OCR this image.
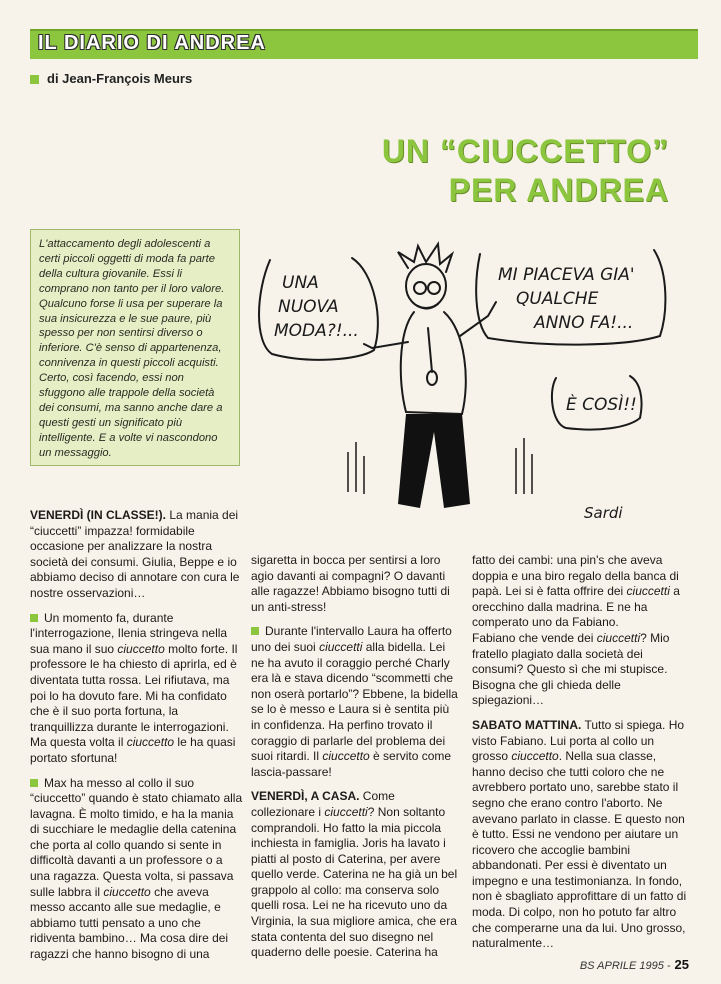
IL DIARIO DI ANDREA
di Jean-François Meurs
UN “CIUCCETTO”
PER ANDREA
L'attaccamento degli adolescenti a certi piccoli oggetti di moda fa parte della cultura giovanile. Essi li comprano non tanto per il loro valore. Qualcuno forse li usa per superare la sua insicurezza e le sue paure, più spesso per non sentirsi diverso o inferiore. C'è senso di appartenenza, connivenza in questi piccoli acquisti. Certo, così facendo, essi non sfuggono alle trappole della società dei consumi, ma sanno anche dare a questi gesti un significato più intelligente. E a volte vi nascondono un messaggio.
UNA
NUOVA
MODA?!...
MI PIACEVA GIA'
QUALCHE
ANNO FA!...
È COSÌ!!
Sardi

VENERDÌ (IN CLASSE!). La mania dei “ciuccetti” impazza! formidabile occasione per analizzare la nostra società dei consumi. Giulia, Beppe e io abbiamo deciso di annotare con cura le nostre osservazioni…

Un momento fa, durante l'interrogazione, Ilenia stringeva nella sua mano il suo ciuccetto molto forte. Il professore le ha chiesto di aprirla, ed è diventata tutta rossa. Lei rifiutava, ma poi lo ha dovuto fare. Mi ha confidato che è il suo porta fortuna, la tranquillizza durante le interrogazioni. Ma questa volta il ciuccetto le ha quasi portato sfortuna!

Max ha messo al collo il suo “ciuccetto” quando è stato chiamato alla lavagna. È molto timido, e ha la mania di succhiare le medaglie della catenina che porta al collo quando si sente in difficoltà davanti a un professore o a una ragazza. Questa volta, si passava sulle labbra il ciuccetto che aveva messo accanto alle sue medaglie, e abbiamo tutti pensato a uno che ridiventa bambino… Ma cosa dire dei ragazzi che hanno bisogno di una

sigaretta in bocca per sentirsi a loro agio davanti ai compagni? O davanti alle ragazze! Abbiamo bisogno tutti di un anti-stress!

Durante l'intervallo Laura ha offerto uno dei suoi ciuccetti alla bidella. Lei ne ha avuto il coraggio perché Charly era là e stava dicendo “scommetti che non oserà portarlo”? Ebbene, la bidella se lo è messo e Laura si è sentita più in confidenza. Ha perfino trovato il coraggio di parlarle del problema dei suoi ritardi. Il ciuccetto è servito come lascia-passare!

VENERDÌ, A CASA. Come collezionare i ciuccetti? Non soltanto comprandoli. Ho fatto la mia piccola inchiesta in famiglia. Joris ha lavato i piatti al posto di Caterina, per avere quello verde. Caterina ne ha già un bel grappolo al collo: ma conserva solo quelli rosa. Lei ne ha ricevuto uno da Virginia, la sua migliore amica, che era stata contenta del suo disegno nel quaderno delle poesie. Caterina ha

fatto dei cambi: una pin's che aveva doppia e una biro regalo della banca di papà. Lei si è fatta offrire dei ciuccetti a orecchino dalla madrina. E ne ha comperato uno da Fabiano.

Fabiano che vende dei ciuccetti? Mio fratello plagiato dalla società dei consumi? Questo sì che mi stupisce. Bisogna che gli chieda delle spiegazioni…

SABATO MATTINA. Tutto si spiega. Ho visto Fabiano. Lui porta al collo un grosso ciuccetto. Nella sua classe, hanno deciso che tutti coloro che ne avrebbero portato uno, sarebbe stato il segno che erano contro l'aborto. Ne avevano parlato in classe. E questo non è tutto. Essi ne vendono per aiutare un ricovero che accoglie bambini abbandonati. Per essi è diventato un impegno e una testimonianza. In fondo, non è sbagliato approfittare di un fatto di moda. Di colpo, non ho potuto far altro che comperarne una da lui. Uno grosso, naturalmente…

BS APRILE 1995 - 25
